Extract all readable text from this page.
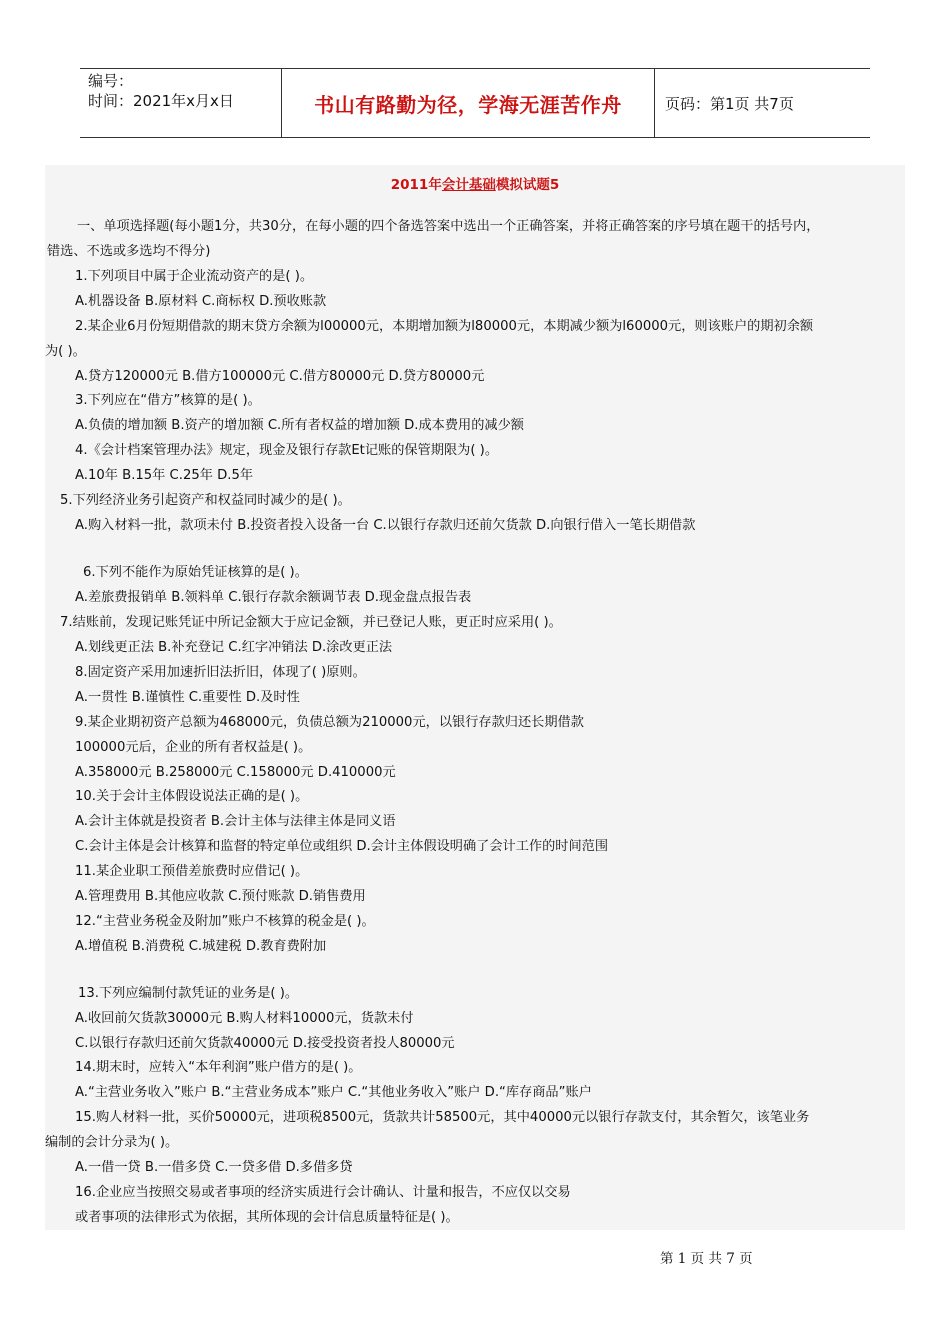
编号：
时间：2021年x月x日	书山有路勤为径，学海无涯苦作舟	页码：第1页 共7页
2011年会计基础模拟试题5
一、单项选择题(每小题1分，共30分，在每小题的四个备选答案中选出一个正确答案，并将正确答案的序号填在题干的括号内，
错选、不选或多选均不得分)
1.下列项目中属于企业流动资产的是( )。
A.机器设备 B.原材料 C.商标权 D.预收账款
2.某企业6月份短期借款的期末贷方余额为l00000元，本期增加额为l80000元，本期减少额为l60000元，则该账户的期初余额
为( )。
A.贷方120000元 B.借方100000元 C.借方80000元 D.贷方80000元
3.下列应在“借方”核算的是( )。
A.负债的增加额 B.资产的增加额 C.所有者权益的增加额 D.成本费用的减少额
4.《会计档案管理办法》规定，现金及银行存款Et记账的保管期限为( )。
A.10年 B.15年 C.25年 D.5年
5.下列经济业务引起资产和权益同时减少的是( )。
A.购入材料一批，款项未付 B.投资者投入设备一台 C.以银行存款归还前欠货款 D.向银行借入一笔长期借款
6.下列不能作为原始凭证核算的是( )。
A.差旅费报销单 B.领料单 C.银行存款余额调节表 D.现金盘点报告表
7.结账前，发现记账凭证中所记金额大于应记金额，并已登记人账，更正时应采用( )。
A.划线更正法 B.补充登记 C.红字冲销法 D.涂改更正法
8.固定资产采用加速折旧法折旧，体现了( )原则。
A.一贯性 B.谨慎性 C.重要性 D.及时性
9.某企业期初资产总额为468000元，负债总额为210000元，以银行存款归还长期借款
100000元后，企业的所有者权益是( )。
A.358000元 B.258000元 C.158000元 D.410000元
10.关于会计主体假设说法正确的是( )。
A.会计主体就是投资者 B.会计主体与法律主体是同义语
C.会计主体是会计核算和监督的特定单位或组织 D.会计主体假设明确了会计工作的时间范围
11.某企业职工预借差旅费时应借记( )。
A.管理费用 B.其他应收款 C.预付账款 D.销售费用
12.“主营业务税金及附加”账户不核算的税金是( )。
A.增值税 B.消费税 C.城建税 D.教育费附加
13.下列应编制付款凭证的业务是( )。
A.收回前欠货款30000元 B.购人材料10000元，货款未付
C.以银行存款归还前欠货款40000元 D.接受投资者投人80000元
14.期末时，应转入“本年利润”账户借方的是( )。
A.“主营业务收入”账户 B.“主营业务成本”账户 C.“其他业务收入”账户 D.“库存商品”账户
15.购人材料一批，买价50000元，进项税8500元，货款共计58500元，其中40000元以银行存款支付，其余暂欠，该笔业务
编制的会计分录为( )。
A.一借一贷 B.一借多贷 C.一贷多借 D.多借多贷
16.企业应当按照交易或者事项的经济实质进行会计确认、计量和报告，不应仅以交易
或者事项的法律形式为依据，其所体现的会计信息质量特征是( )。
第 1 页 共 7 页
